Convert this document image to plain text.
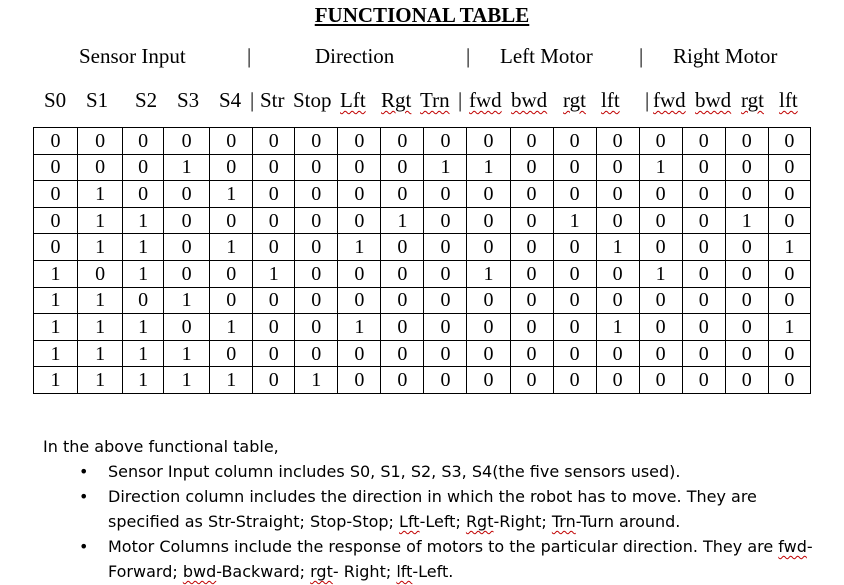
FUNCTIONAL TABLE
Sensor Input	|	Direction	| Left Motor | Right Motor
S0 S1 S2 S3 S4 | Str Stop Lft Rgt Trn | fwd bwd rgt lft | fwd bwd rgt lft
0	0	0	0	0	0	0	0	0	0	0	0	0	0	0	0	0	0
0	0	0	1	0	0	0	0	0	1	1	0	0	0	1	0	0	0
0	1	0	0	1	0	0	0	0	0	0	0	0	0	0	0	0	0
0	1	1	0	0	0	0	0	1	0	0	0	1	0	0	0	1	0
0	1	1	0	1	0	0	1	0	0	0	0	0	1	0	0	0	1
1	0	1	0	0	1	0	0	0	0	1	0	0	0	1	0	0	0
1	1	0	1	0	0	0	0	0	0	0	0	0	0	0	0	0	0
1	1	1	0	1	0	0	1	0	0	0	0	0	1	0	0	0	1
1	1	1	1	0	0	0	0	0	0	0	0	0	0	0	0	0	0
1	1	1	1	1	0	1	0	0	0	0	0	0	0	0	0	0	0
In the above functional table,
• Sensor Input column includes S0, S1, S2, S3, S4(the five sensors used).
• Direction column includes the direction in which the robot has to move. They are specified as Str-Straight; Stop-Stop; Lft-Left; Rgt-Right; Trn-Turn around.
• Motor Columns include the response of motors to the particular direction. They are fwd-Forward; bwd-Backward; rgt- Right; lft-Left.
